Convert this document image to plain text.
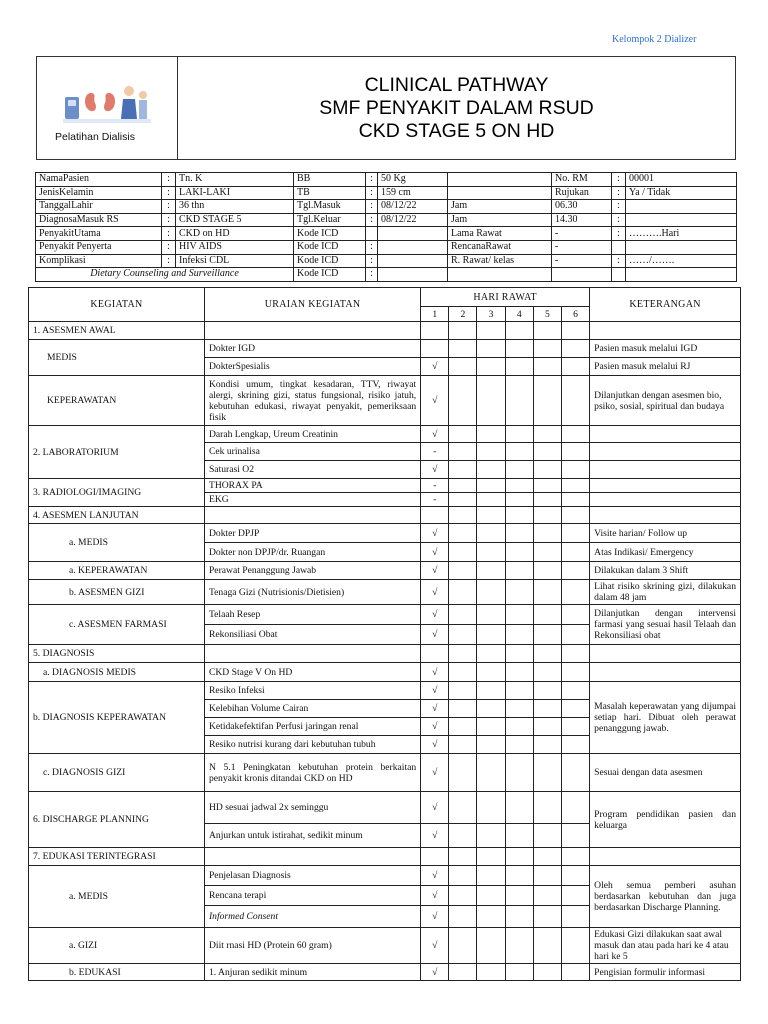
Kelompok 2 Dializer
Pelatihan Dialisis
CLINICAL PATHWAY
SMF PENYAKIT DALAM RSUD
CKD STAGE 5 ON HD
NamaPasien	:	Tn. K	BB	:	50 Kg		No. RM	:	00001
JenisKelamin	:	LAKI-LAKI	TB	:	159 cm		Rujukan	:	Ya / Tidak
TanggalLahir	:	36 thn	Tgl.Masuk	:	08/12/22	Jam	06.30	:	
DiagnosaMasuk RS	:	CKD STAGE 5	Tgl.Keluar	:	08/12/22	Jam	14.30	:	
PenyakitUtama	:	CKD on HD	Kode ICD			Lama Rawat	-	:	……….Hari
Penyakit Penyerta	:	HIV AIDS	Kode ICD	:		RencanaRawat	-		
Komplikasi	:	Infeksi CDL	Kode ICD	:		R. Rawat/ kelas	-	:	……/…….
Dietary Counseling and Surveillance			Kode ICD	:					
KEGIATAN	URAIAN KEGIATAN	HARI RAWAT						KETERANGAN
		1	2	3	4	5	6	
1. ASESMEN AWAL								
MEDIS	Dokter IGD							Pasien masuk melalui IGD
	DokterSpesialis	√						Pasien masuk melalui RJ
KEPERAWATAN	Kondisi umum, tingkat kesadaran, TTV, riwayat alergi, skrining gizi, status fungsional, risiko jatuh, kebutuhan edukasi, riwayat penyakit, pemeriksaan fisik	√						Dilanjutkan dengan asesmen bio, psiko, sosial, spiritual dan budaya
2. LABORATORIUM	Darah Lengkap, Ureum Creatinin	√						
	Cek urinalisa	-						
	Saturasi O2	√						
3. RADIOLOGI/IMAGING	THORAX PA	-						
	EKG	-						
4. ASESMEN LANJUTAN								
a. MEDIS	Dokter DPJP	√						Visite harian/ Follow up
	Dokter non DPJP/dr. Ruangan	√						Atas Indikasi/ Emergency
a. KEPERAWATAN	Perawat Penanggung Jawab	√						Dilakukan dalam 3 Shift
b. ASESMEN GIZI	Tenaga Gizi (Nutrisionis/Dietisien)	√						Lihat risiko skrining gizi, dilakukan dalam 48 jam
c. ASESMEN FARMASI	Telaah Resep	√						Dilanjutkan dengan intervensi farmasi yang sesuai hasil Telaah dan Rekonsiliasi obat
	Rekonsiliasi Obat	√						
5. DIAGNOSIS								
a. DIAGNOSIS MEDIS	CKD Stage V On HD	√						
b. DIAGNOSIS KEPERAWATAN	Resiko Infeksi	√						Masalah keperawatan yang dijumpai setiap hari. Dibuat oleh perawat penanggung jawab.
	Kelebihan Volume Cairan	√						
	Ketidakefektifan Perfusi jaringan renal	√						
	Resiko nutrisi kurang dari kebutuhan tubuh	√						
c. DIAGNOSIS GIZI	N 5.1 Peningkatan kebutuhan protein berkaitan penyakit kronis ditandai CKD on HD	√						Sesuai dengan data asesmen
6. DISCHARGE PLANNING	HD sesuai jadwal 2x seminggu	√						Program pendidikan pasien dan keluarga
	Anjurkan untuk istirahat, sedikit minum	√						
7. EDUKASI TERINTEGRASI								
a. MEDIS	Penjelasan Diagnosis	√						Oleh semua pemberi asuhan berdasarkan kebutuhan dan juga berdasarkan Discharge Planning.
	Rencana terapi	√						
	Informed Consent	√						
a. GIZI	Diit rnasi HD (Protein 60 gram)	√						Edukasi Gizi dilakukan saat awal masuk dan atau pada hari ke 4 atau hari ke 5
b. EDUKASI	1. Anjuran sedikit minum	√						Pengisian formulir informasi
